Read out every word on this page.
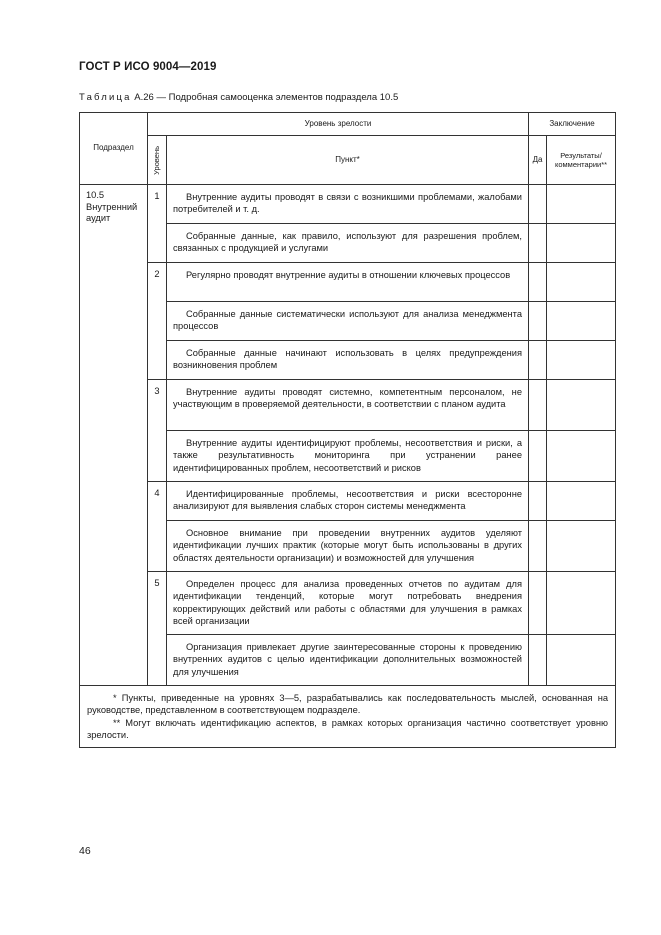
ГОСТ Р ИСО 9004—2019
Таблица А.26 — Подробная самооценка элементов подраздела 10.5
Подраздел	Уровень зрелости		Заключение	

	Уровень	Пункт*	Да	Результаты/ комментарии**

10.5
Внутренний аудит	1	Внутренние аудиты проводят в связи с возникшими проблемами, жалобами потребителей и т. д.		
		Собранные данные, как правило, используют для разрешения проблем, связанных с продукцией и услугами		
	2	Регулярно проводят внутренние аудиты в отношении ключевых процессов		
		Собранные данные систематически используют для анализа менеджмента процессов		
		Собранные данные начинают использовать в целях предупреждения возникновения проблем		
	3	Внутренние аудиты проводят системно, компетентным персоналом, не участвующим в проверяемой деятельности, в соответствии с планом аудита		
		Внутренние аудиты идентифицируют проблемы, несоответствия и риски, а также результативность мониторинга при устранении ранее идентифицированных проблем, несоответствий и рисков		
	4	Идентифицированные проблемы, несоответствия и риски всесторонне анализируют для выявления слабых сторон системы менеджмента		
		Основное внимание при проведении внутренних аудитов уделяют идентификации лучших практик (которые могут быть использованы в других областях деятельности организации) и возможностей для улучшения		
	5	Определен процесс для анализа проведенных отчетов по аудитам для идентификации тенденций, которые могут потребовать внедрения корректирующих действий или работы с областями для улучшения в рамках всей организации		
		Организация привлекает другие заинтересованные стороны к проведению внутренних аудитов с целью идентификации дополнительных возможностей для улучшения		

* Пункты, приведенные на уровнях 3—5, разрабатывались как последовательность мыслей, основанная на руководстве, представленном в соответствующем подразделе.
** Могут включать идентификацию аспектов, в рамках которых организация частично соответствует уровню зрелости.				
46
